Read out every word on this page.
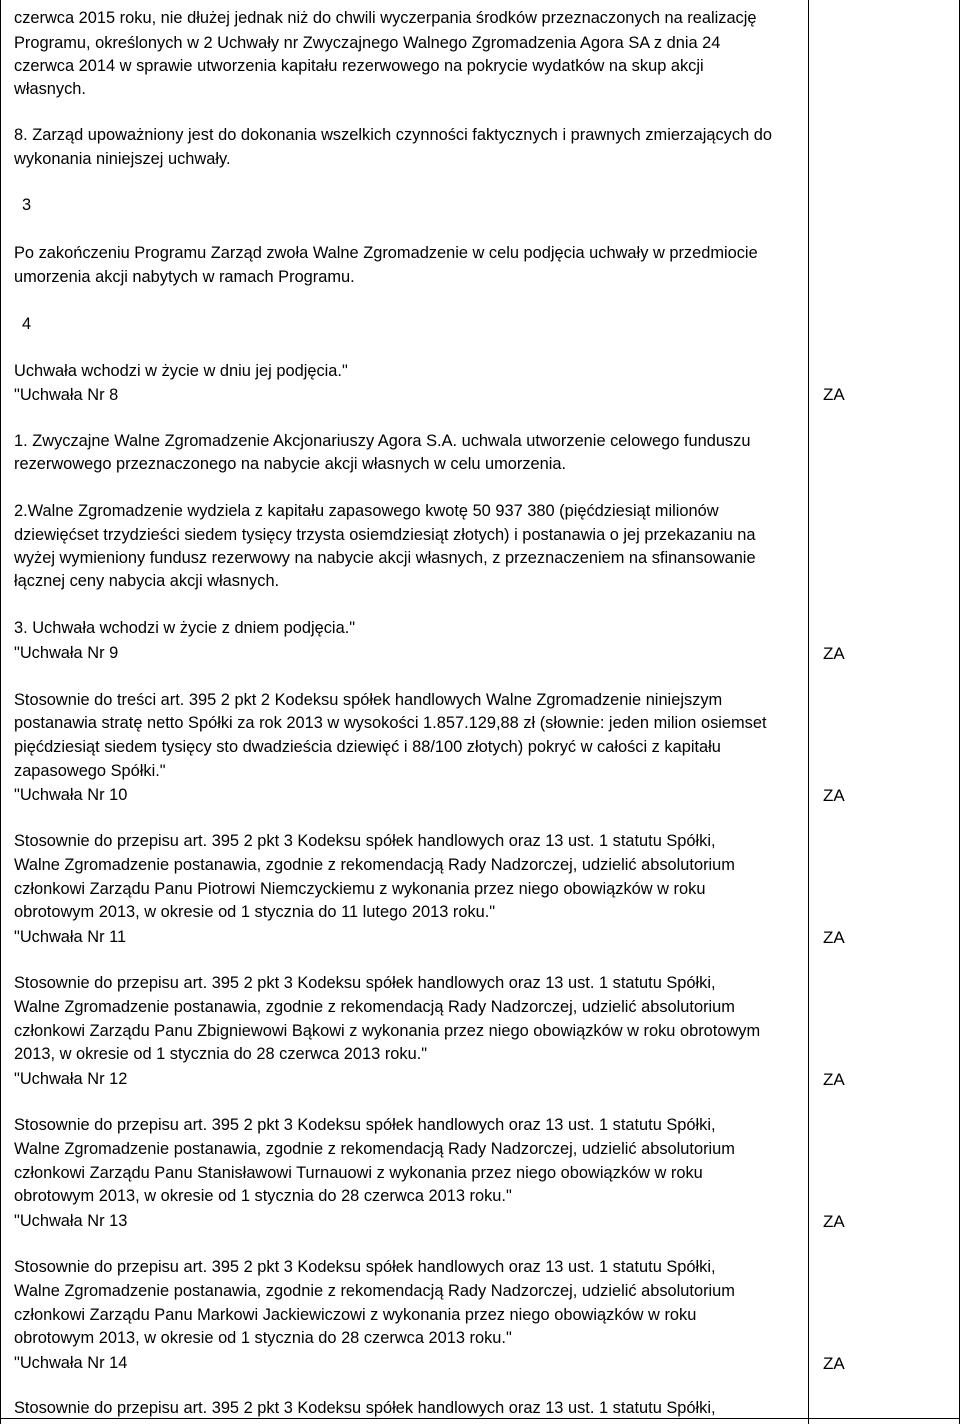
czerwca 2015 roku, nie dłużej jednak niż do chwili wyczerpania środków przeznaczonych na realizację

Programu, określonych w 2 Uchwały nr Zwyczajnego Walnego Zgromadzenia Agora SA z dnia 24

czerwca 2014 w sprawie utworzenia kapitału rezerwowego na pokrycie wydatków na skup akcji

własnych.

8. Zarząd upoważniony jest do dokonania wszelkich czynności faktycznych i prawnych zmierzających do

wykonania niniejszej uchwały.

3

Po zakończeniu Programu Zarząd zwoła Walne Zgromadzenie w celu podjęcia uchwały w przedmiocie

umorzenia akcji nabytych w ramach Programu.

4

Uchwała wchodzi w życie w dniu jej podjęcia."

"Uchwała Nr 8	ZA

1. Zwyczajne Walne Zgromadzenie Akcjonariuszy Agora S.A. uchwala utworzenie celowego funduszu

rezerwowego przeznaczonego na nabycie akcji własnych w celu umorzenia.

2.Walne Zgromadzenie wydziela z kapitału zapasowego kwotę 50 937 380 (pięćdziesiąt milionów

dziewięćset trzydzieści siedem tysięcy trzysta osiemdziesiąt złotych) i postanawia o jej przekazaniu na

wyżej wymieniony fundusz rezerwowy na nabycie akcji własnych, z przeznaczeniem na sfinansowanie

łącznej ceny nabycia akcji własnych.

3. Uchwała wchodzi w życie z dniem podjęcia."

"Uchwała Nr 9	ZA

Stosownie do treści art. 395 2 pkt 2 Kodeksu spółek handlowych Walne Zgromadzenie niniejszym

postanawia stratę netto Spółki za rok 2013 w wysokości 1.857.129,88 zł (słownie: jeden milion osiemset

pięćdziesiąt siedem tysięcy sto dwadzieścia dziewięć i 88/100 złotych) pokryć w całości z kapitału

zapasowego Spółki."

"Uchwała Nr 10	ZA

Stosownie do przepisu art. 395 2 pkt 3 Kodeksu spółek handlowych oraz 13 ust. 1 statutu Spółki,

Walne Zgromadzenie postanawia, zgodnie z rekomendacją Rady Nadzorczej, udzielić absolutorium

członkowi Zarządu Panu Piotrowi Niemczyckiemu z wykonania przez niego obowiązków w roku

obrotowym 2013, w okresie od 1 stycznia do 11 lutego 2013 roku."

"Uchwała Nr 11	ZA

Stosownie do przepisu art. 395 2 pkt 3 Kodeksu spółek handlowych oraz 13 ust. 1 statutu Spółki,

Walne Zgromadzenie postanawia, zgodnie z rekomendacją Rady Nadzorczej, udzielić absolutorium

członkowi Zarządu Panu Zbigniewowi Bąkowi z wykonania przez niego obowiązków w roku obrotowym

2013, w okresie od 1 stycznia do 28 czerwca 2013 roku."

"Uchwała Nr 12	ZA

Stosownie do przepisu art. 395 2 pkt 3 Kodeksu spółek handlowych oraz 13 ust. 1 statutu Spółki,

Walne Zgromadzenie postanawia, zgodnie z rekomendacją Rady Nadzorczej, udzielić absolutorium

członkowi Zarządu Panu Stanisławowi Turnauowi z wykonania przez niego obowiązków w roku

obrotowym 2013, w okresie od 1 stycznia do 28 czerwca 2013 roku."

"Uchwała Nr 13	ZA

Stosownie do przepisu art. 395 2 pkt 3 Kodeksu spółek handlowych oraz 13 ust. 1 statutu Spółki,

Walne Zgromadzenie postanawia, zgodnie z rekomendacją Rady Nadzorczej, udzielić absolutorium

członkowi Zarządu Panu Markowi Jackiewiczowi z wykonania przez niego obowiązków w roku

obrotowym 2013, w okresie od 1 stycznia do 28 czerwca 2013 roku."

"Uchwała Nr 14	ZA

Stosownie do przepisu art. 395 2 pkt 3 Kodeksu spółek handlowych oraz 13 ust. 1 statutu Spółki,
